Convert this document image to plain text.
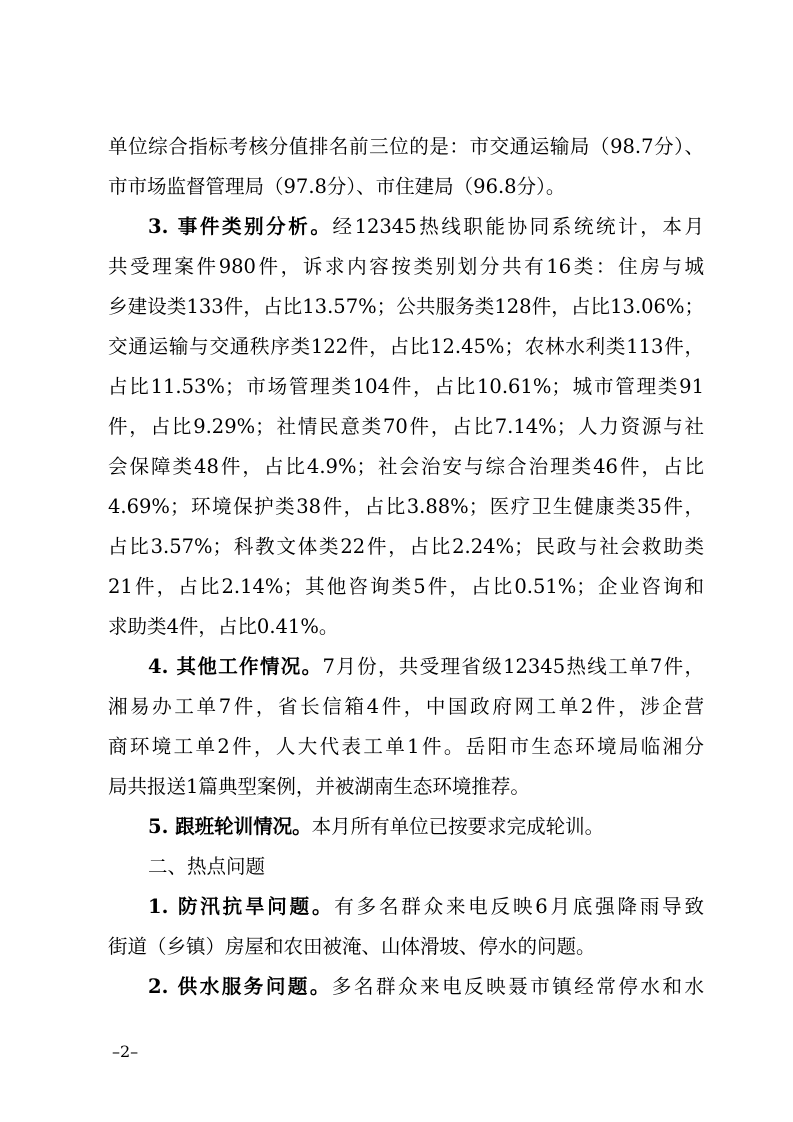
单位综合指标考核分值排名前三位的是：市交通运输局（98.7分）、
市市场监督管理局（97.8分）、市住建局（96.8分）。
3. 事件类别分析。经12345热线职能协同系统统计，本月
共受理案件980件，诉求内容按类别划分共有16类：住房与城
乡建设类133件，占比13.57%；公共服务类128件，占比13.06%；
交通运输与交通秩序类122件，占比12.45%；农林水利类113件，
占比11.53%；市场管理类104件，占比10.61%；城市管理类91
件，占比9.29%；社情民意类70件，占比7.14%；人力资源与社
会保障类48件，占比4.9%；社会治安与综合治理类46件，占比
4.69%；环境保护类38件，占比3.88%；医疗卫生健康类35件，
占比3.57%；科教文体类22件，占比2.24%；民政与社会救助类
21件，占比2.14%；其他咨询类5件，占比0.51%；企业咨询和
求助类4件，占比0.41%。
4. 其他工作情况。7月份，共受理省级12345热线工单7件，
湘易办工单7件，省长信箱4件，中国政府网工单2件，涉企营
商环境工单2件，人大代表工单1件。岳阳市生态环境局临湘分
局共报送1篇典型案例，并被湖南生态环境推荐。
5. 跟班轮训情况。本月所有单位已按要求完成轮训。
二、热点问题
1. 防汛抗旱问题。有多名群众来电反映6月底强降雨导致
街道（乡镇）房屋和农田被淹、山体滑坡、停水的问题。
2. 供水服务问题。多名群众来电反映聂市镇经常停水和水
–2–
